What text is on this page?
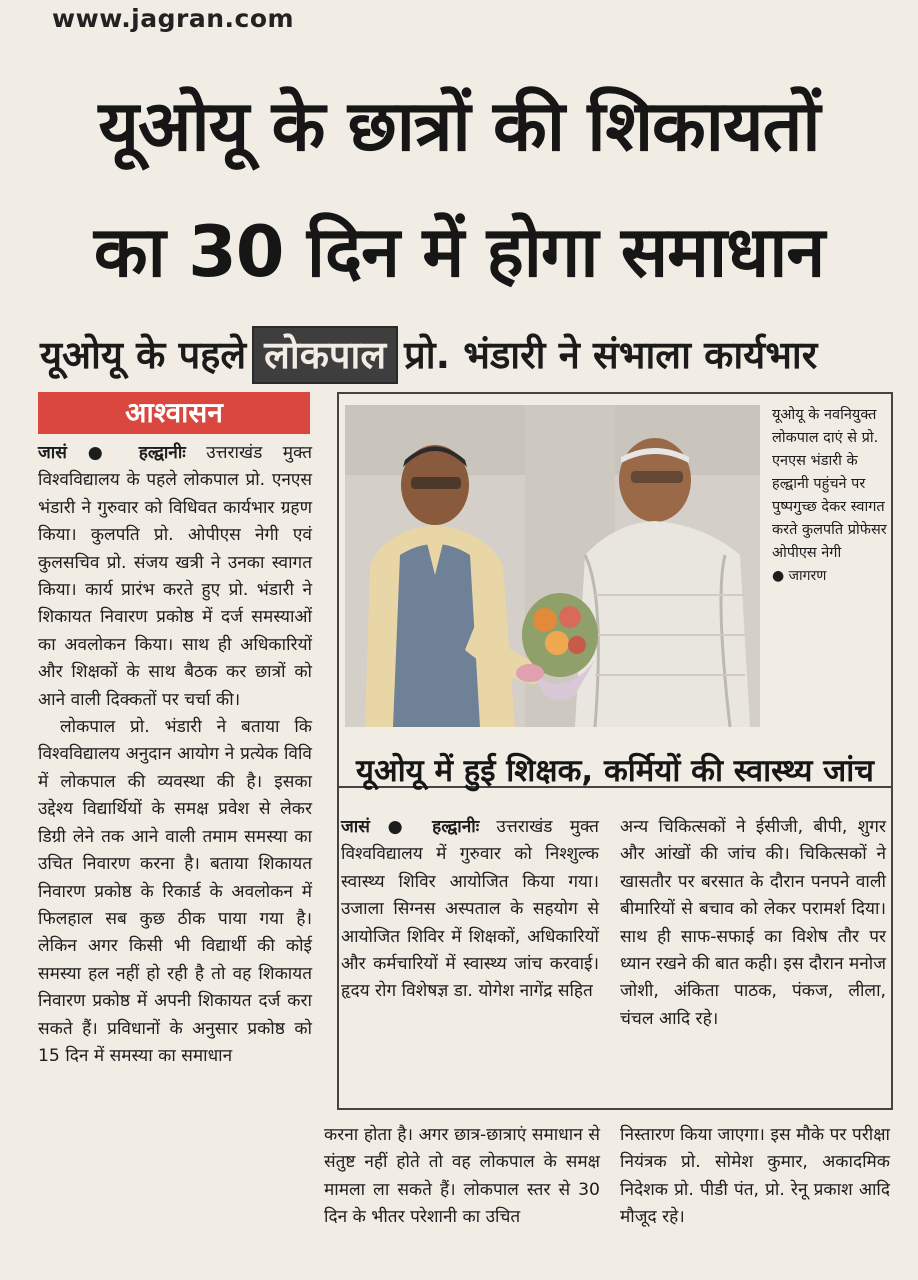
www.jagran.com
यूओयू के छात्रों की शिकायतों
का 30 दिन में होगा समाधान
यूओयू के पहले लोकपाल प्रो. भंडारी ने संभाला कार्यभार
आश्वासन

जासं ● हल्द्वानीः उत्तराखंड मुक्त विश्वविद्यालय के पहले लोकपाल प्रो. एनएस भंडारी ने गुरुवार को विधिवत कार्यभार ग्रहण किया। कुलपति प्रो. ओपीएस नेगी एवं कुलसचिव प्रो. संजय खत्री ने उनका स्वागत किया। कार्य प्रारंभ करते हुए प्रो. भंडारी ने शिकायत निवारण प्रकोष्ठ में दर्ज समस्याओं का अवलोकन किया। साथ ही अधिकारियों और शिक्षकों के साथ बैठक कर छात्रों को आने वाली दिक्कतों पर चर्चा की।

लोकपाल प्रो. भंडारी ने बताया कि विश्वविद्यालय अनुदान आयोग ने प्रत्येक विवि में लोकपाल की व्यवस्था की है। इसका उद्देश्य विद्यार्थियों के समक्ष प्रवेश से लेकर डिग्री लेने तक आने वाली तमाम समस्या का उचित निवारण करना है। बताया शिकायत निवारण प्रकोष्ठ के रिकार्ड के अवलोकन में फिलहाल सब कुछ ठीक पाया गया है। लेकिन अगर किसी भी विद्यार्थी की कोई समस्या हल नहीं हो रही है तो वह शिकायत निवारण प्रकोष्ठ में अपनी शिकायत दर्ज करा सकते हैं। प्रविधानों के अनुसार प्रकोष्ठ को 15 दिन में समस्या का समाधान

यूओयू के नवनियुक्त लोकपाल दाएं से प्रो. एनएस भंडारी के हल्द्वानी पहुंचने पर पुष्पगुच्छ देकर स्वागत करते कुलपति प्रोफेसर ओपीएस नेगी
● जागरण
यूओयू में हुई शिक्षक, कर्मियों की स्वास्थ्य जांच

जासं ● हल्द्वानीः उत्तराखंड मुक्त विश्वविद्यालय में गुरुवार को निश्शुल्क स्वास्थ्य शिविर आयोजित किया गया। उजाला सिग्नस अस्पताल के सहयोग से आयोजित शिविर में शिक्षकों, अधिकारियों और कर्मचारियों में स्वास्थ्य जांच करवाई। हृदय रोग विशेषज्ञ डा. योगेश नागेंद्र सहित

अन्य चिकित्सकों ने ईसीजी, बीपी, शुगर और आंखों की जांच की। चिकित्सकों ने खासतौर पर बरसात के दौरान पनपने वाली बीमारियों से बचाव को लेकर परामर्श दिया। साथ ही साफ-सफाई का विशेष तौर पर ध्यान रखने की बात कही। इस दौरान मनोज जोशी, अंकिता पाठक, पंकज, लीला, चंचल आदि रहे।

करना होता है। अगर छात्र-छात्राएं समाधान से संतुष्ट नहीं होते तो वह लोकपाल के समक्ष मामला ला सकते हैं। लोकपाल स्तर से 30 दिन के भीतर परेशानी का उचित

निस्तारण किया जाएगा। इस मौके पर परीक्षा नियंत्रक प्रो. सोमेश कुमार, अकादमिक निदेशक प्रो. पीडी पंत, प्रो. रेनू प्रकाश आदि मौजूद रहे।
